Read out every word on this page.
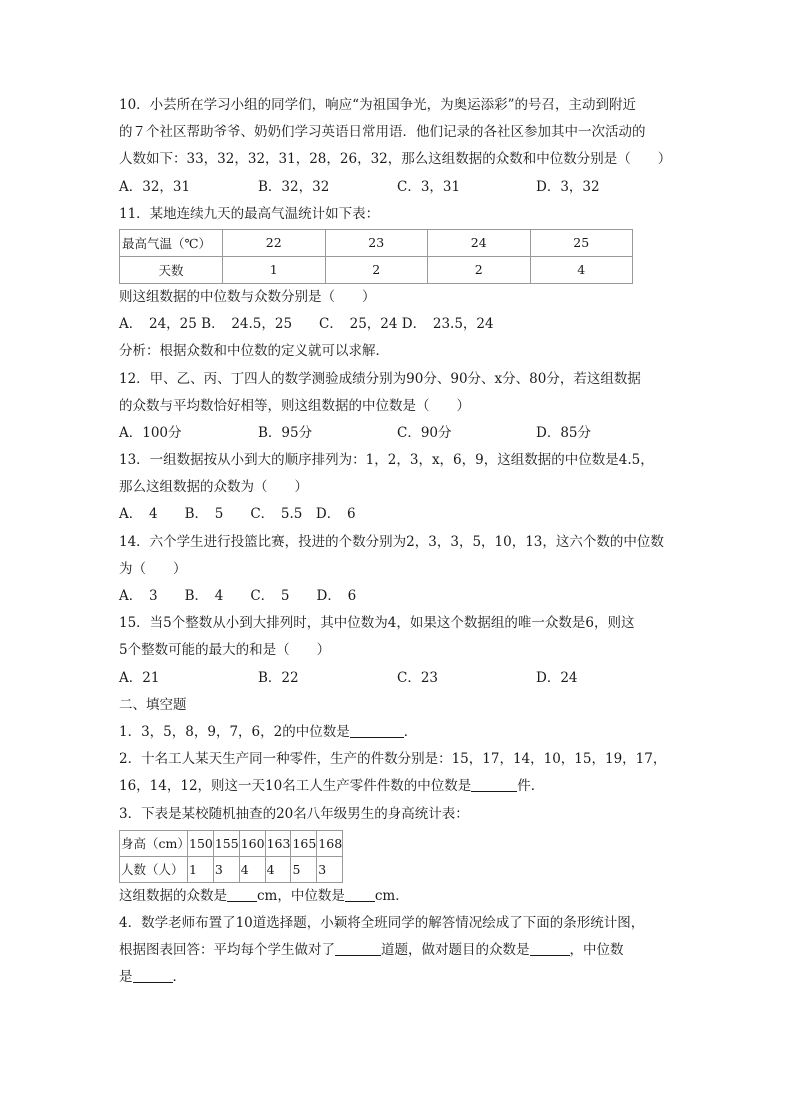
10．小芸所在学习小组的同学们，响应“为祖国争光，为奥运添彩”的号召，主动到附近
的７个社区帮助爷爷、奶奶们学习英语日常用语．他们记录的各社区参加其中一次活动的
人数如下：33，32，32，31，28，26，32，那么这组数据的众数和中位数分别是（　　）
A．32，31	B．32，32	C．3，31	D．3，32
11．某地连续九天的最高气温统计如下表：
最高气温（℃）	22	23	24	25
天数	1	2	2	4
则这组数据的中位数与众数分别是（　　）
A．　24，25 B．　24.5，25　　C．　25，24 D．　23.5，24
分析：根据众数和中位数的定义就可以求解．
12．甲、乙、丙、丁四人的数学测验成绩分别为90分、90分、x分、80分，若这组数据
的众数与平均数恰好相等，则这组数据的中位数是（　　）
A．100分	B．95分	C．90分	D．85分
13．一组数据按从小到大的顺序排列为：1，2，3，x，6，9，这组数据的中位数是4.5，
那么这组数据的众数为（　　）
A．　4　　B．　5　　C．　5.5　D．　6
14．六个学生进行投篮比赛，投进的个数分别为2，3，3，5，10，13，这六个数的中位数
为（　　）
A．　3　　B．　4　　C．　5　　D．　6
15．当5个整数从小到大排列时，其中位数为4，如果这个数据组的唯一众数是6，则这
5个整数可能的最大的和是（　　）
A．21	B．22	C．23	D．24
二、填空题
1．3，5，8，9，7，6，2的中位数是	．
2．十名工人某天生产同一种零件，生产的件数分别是：15，17，14，10，15，19，17，
16，14，12，则这一天10名工人生产零件件数的中位数是	件．
3．下表是某校随机抽查的20名八年级男生的身高统计表：
身高（cm）	150	155	160	163	165	168
人数（人）	1	3	4	4	5	3
这组数据的众数是 cm，中位数是 cm．
4．数学老师布置了10道选择题，小颖将全班同学的解答情况绘成了下面的条形统计图，
根据图表回答：平均每个学生做对了	道题，做对题目的众数是	，中位数
是	．
